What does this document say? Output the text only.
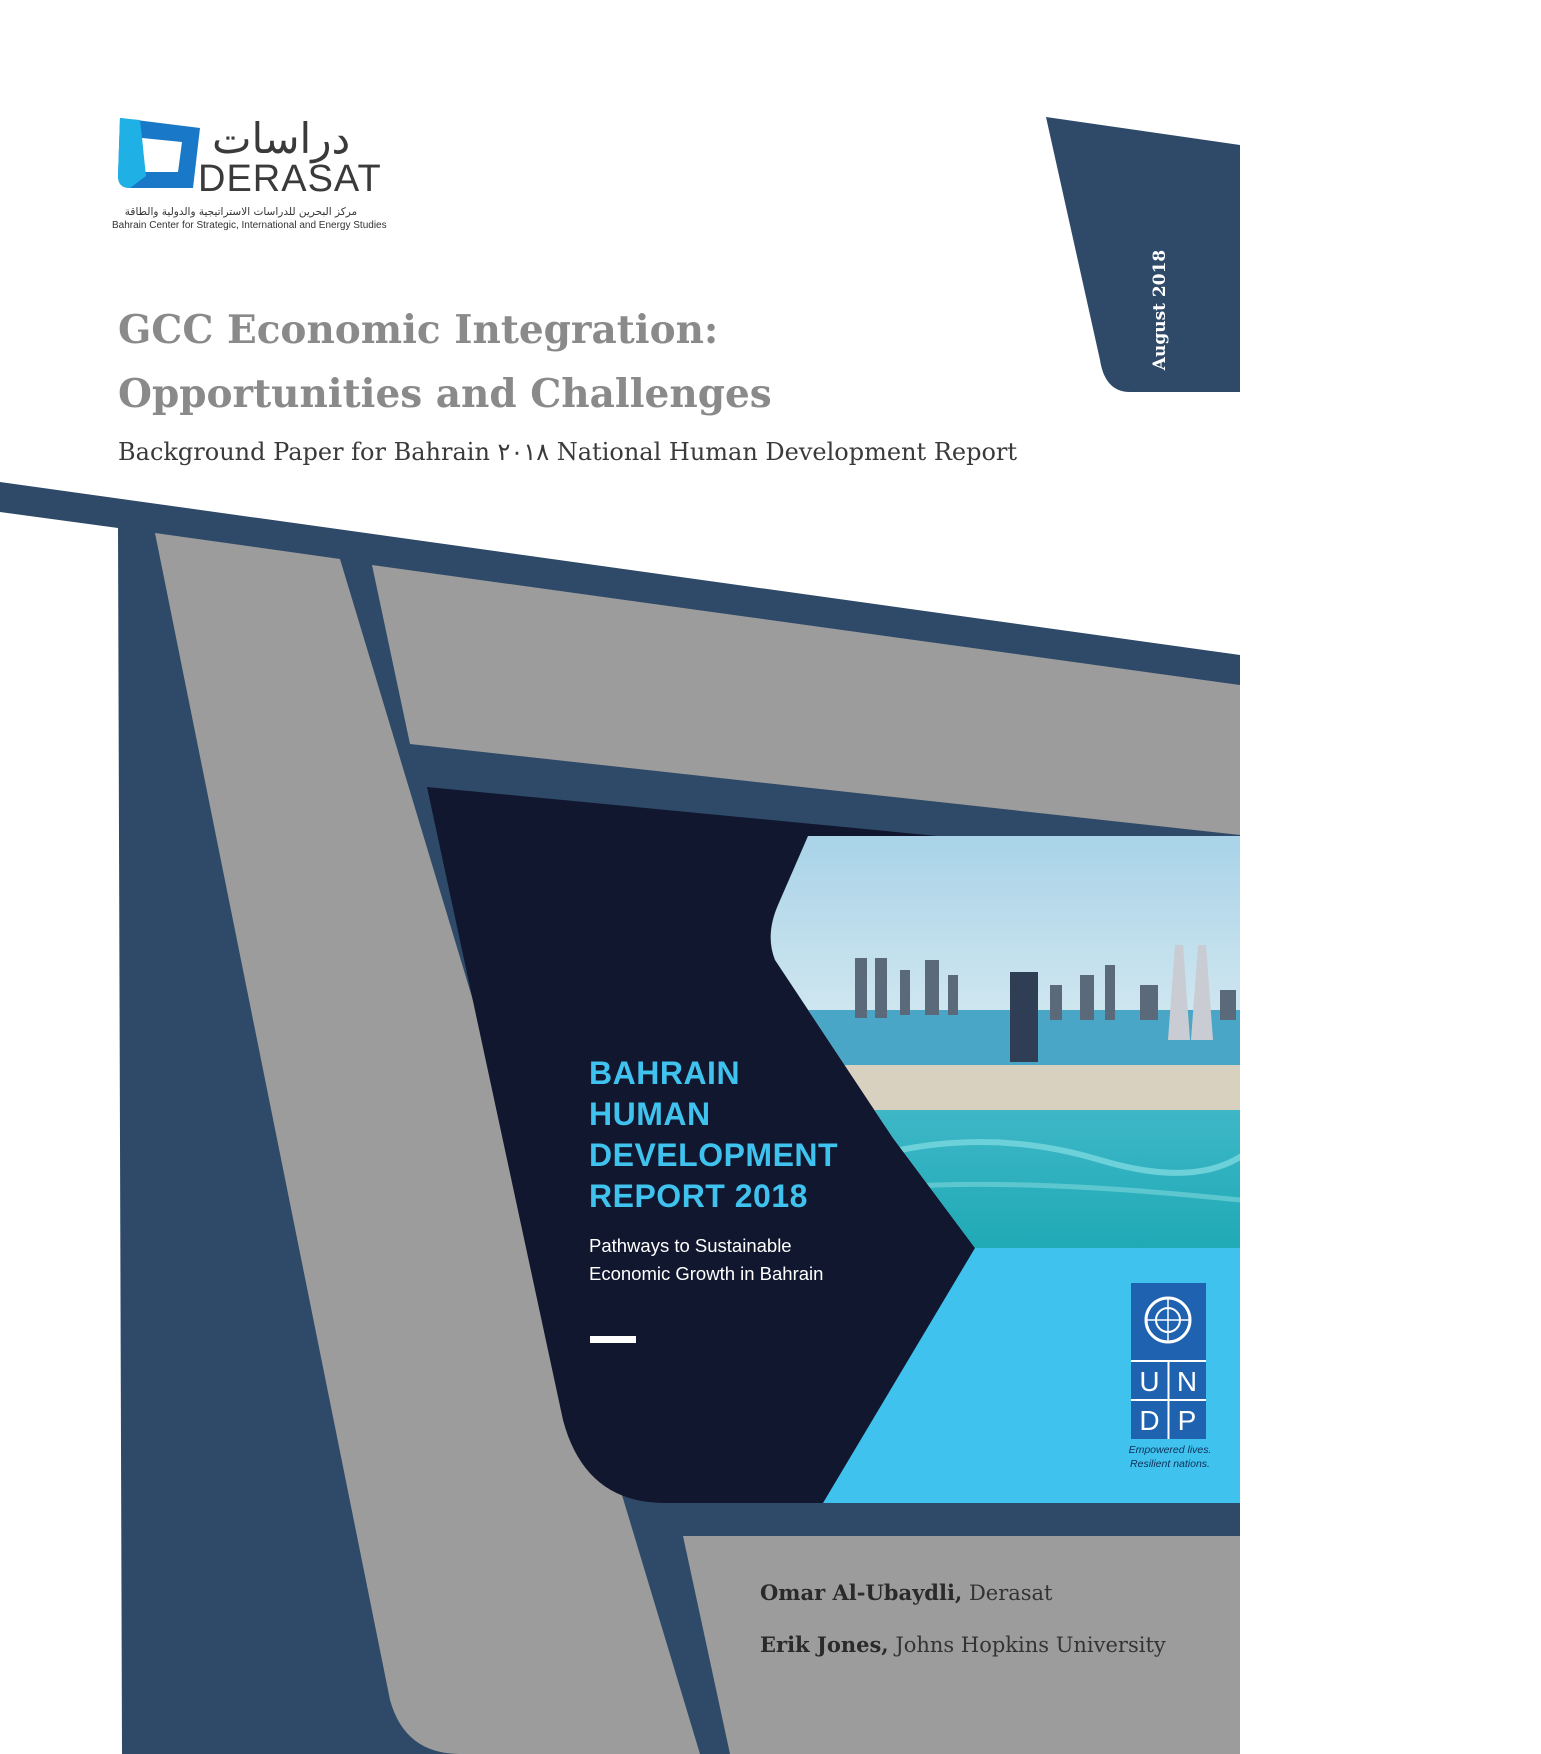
دراسات
DERASAT
مركز البحرين للدراسات الاستراتيجية والدولية والطاقة
Bahrain Center for Strategic, International and Energy Studies
GCC Economic Integration:
Opportunities and Challenges
Background Paper for Bahrain ٢٠١٨ National Human Development Report
August 2018
BAHRAIN
HUMAN
DEVELOPMENT
REPORT 2018
Pathways to Sustainable
Economic Growth in Bahrain
U N
D P
Empowered lives.
Resilient nations.
Omar Al-Ubaydli, Derasat
Erik Jones, Johns Hopkins University
